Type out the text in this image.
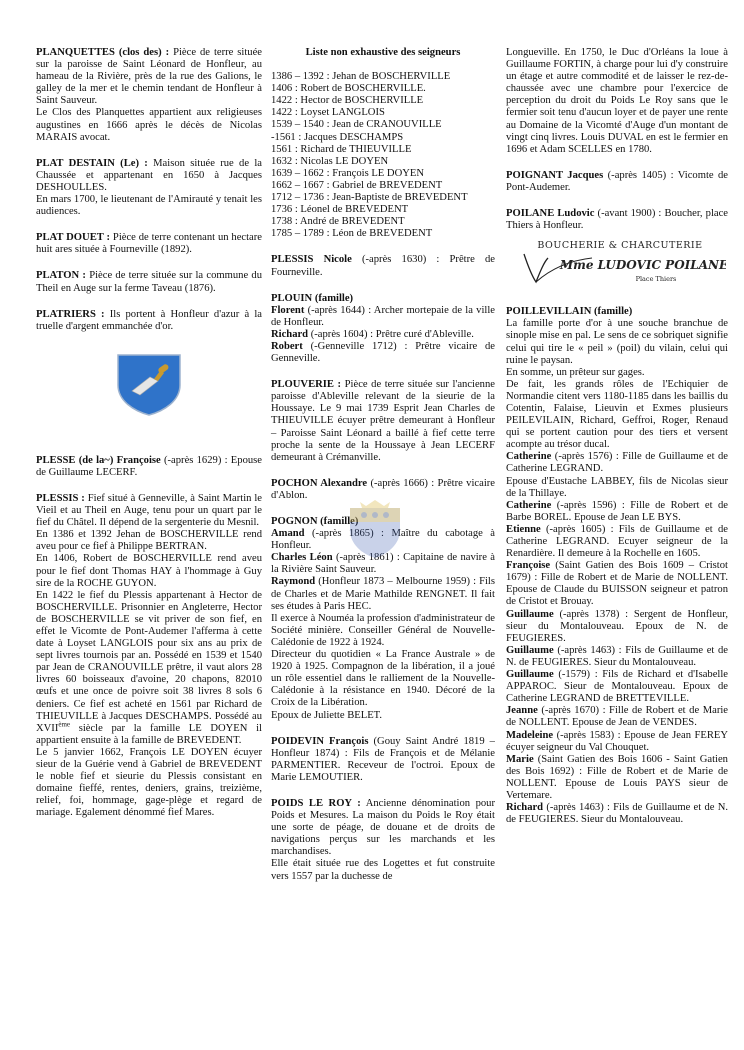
PLANQUETTES (clos des) : Pièce de terre située sur la paroisse de Saint Léonard de Honfleur, au hameau de la Rivière, près de la rue des Galions, le galley de la mer et le chemin tendant de Honfleur à Saint Sauveur.

Le Clos des Planquettes appartient aux religieuses augustines en 1666 après le décès de Nicolas MARAIS avocat.

PLAT DESTAIN (Le) : Maison située rue de la Chaussée et appartenant en 1650 à Jacques DESHOULLES.

En mars 1700, le lieutenant de l'Amirauté y tenait les audiences.

PLAT DOUET : Pièce de terre contenant un hectare huit ares située à Fourneville (1892).

PLATON : Pièce de terre située sur la commune du Theil en Auge sur la ferme Taveau (1876).

PLATRIERS : Ils portent à Honfleur d'azur à la truelle d'argent emmanchée d'or.

PLESSE (de la~) Françoise (-après 1629) : Epouse de Guillaume LECERF.

PLESSIS : Fief situé à Genneville, à Saint Martin le Vieil et au Theil en Auge, tenu pour un quart par le fief du Châtel. Il dépend de la sergenterie du Mesnil.

En 1386 et 1392 Jehan de BOSCHERVILLE rend aveu pour ce fief à Philippe BERTRAN.

En 1406, Robert de BOSCHERVILLE rend aveu pour le fief dont Thomas HAY à l'hommage à Guy sire de la ROCHE GUYON.

En 1422 le fief du Plessis appartenant à Hector de BOSCHERVILLE. Prisonnier en Angleterre, Hector de BOSCHERVILLE se vit priver de son fief, en effet le Vicomte de Pont-Audemer l'afferma à cette date à Loyset LANGLOIS pour six ans au prix de sept livres tournois par an. Possédé en 1539 et 1540 par Jean de CRANOUVILLE prêtre, il vaut alors 28 livres 60 boisseaux d'avoine, 20 chapons, 82010 œufs et une once de poivre soit 38 livres 8 sols 6 deniers. Ce fief est acheté en 1561 par Richard de THIEUVILLE à Jacques DESCHAMPS. Possédé au XVIIème siècle par la famille LE DOYEN il appartient ensuite à la famille de BREVEDENT.

Le 5 janvier 1662, François LE DOYEN écuyer sieur de la Guérie vend à Gabriel de BREVEDENT le noble fief et sieurie du Plessis consistant en domaine fieffé, rentes, deniers, grains, treizième, relief, foi, hommage, gage-plège et regard de mariage. Egalement dénommé fief Mares.

Liste non exhaustive des seigneurs
1386 – 1392 : Jehan de BOSCHERVILLE
1406 : Robert de BOSCHERVILLE.
1422 : Hector de BOSCHERVILLE
1422 : Loyset LANGLOIS
1539 – 1540 : Jean de CRANOUVILLE
-1561 : Jacques DESCHAMPS
1561 : Richard de THIEUVILLE
1632 : Nicolas LE DOYEN
1639 – 1662 : François LE DOYEN
1662 – 1667 : Gabriel de BREVEDENT
1712 – 1736 : Jean-Baptiste de BREVEDENT
1736 : Léonel de BREVEDENT
1738 : André de BREVEDENT
1785 – 1789 : Léon de BREVEDENT

PLESSIS Nicole (-après 1630) : Prêtre de Fourneville.

PLOUIN (famille)

Florent (-après 1644) : Archer mortepaie de la ville de Honfleur.

Richard (-après 1604) : Prêtre curé d'Ableville.

Robert (-Genneville 1712) : Prêtre vicaire de Genneville.

PLOUVERIE : Pièce de terre située sur l'ancienne paroisse d'Ableville relevant de la sieurie de la Houssaye. Le 9 mai 1739 Esprit Jean Charles de THIEUVILLE écuyer prêtre demeurant à Honfleur – Paroisse Saint Léonard a baillé à fief cette terre proche la sente de la Houssaye à Jean LECERF demeurant à Crémanville.

POCHON Alexandre (-après 1666) : Prêtre vicaire d'Ablon.

POGNON (famille)

Amand (-après 1865) : Maître du cabotage à Honfleur.

Charles Léon (-après 1861) : Capitaine de navire à la Rivière Saint Sauveur.

Raymond (Honfleur 1873 – Melbourne 1959) : Fils de Charles et de Marie Mathilde RENGNET. Il fait ses études à Paris HEC.

Il exerce à Nouméa la profession d'administrateur de Société minière. Conseiller Général de Nouvelle-Calédonie de 1922 à 1924.

Directeur du quotidien « La France Australe » de 1920 à 1925. Compagnon de la libération, il a joué un rôle essentiel dans le ralliement de la Nouvelle-Calédonie à la résistance en 1940. Décoré de la Croix de la Libération.

Epoux de Juliette BELET.

POIDEVIN François (Gouy Saint André 1819 – Honfleur 1874) : Fils de François et de Mélanie PARMENTIER. Receveur de l'octroi. Epoux de Marie LEMOUTIER.

POIDS LE ROY : Ancienne dénomination pour Poids et Mesures. La maison du Poids le Roy était une sorte de péage, de douane et de droits de navigations perçus sur les marchands et les marchandises.

Elle était située rue des Logettes et fut construite vers 1557 par la duchesse de

Longueville. En 1750, le Duc d'Orléans la loue à Guillaume FORTIN, à charge pour lui d'y construire un étage et autre commodité et de laisser le rez-de-chaussée avec une chambre pour l'exercice de perception du droit du Poids Le Roy sans que le fermier soit tenu d'aucun loyer et de payer une rente au Domaine de la Vicomté d'Auge d'un montant de vingt cinq livres. Louis DUVAL en est le fermier en 1696 et Adam SCELLES en 1780.

POIGNANT Jacques (-après 1405) : Vicomte de Pont-Audemer.

POILANE Ludovic (-avant 1900) : Boucher, place Thiers à Honfleur.

BOUCHERIE & CHARCUTERIE
Mme LUDOVIC POILANE
Place Thiers

POILLEVILLAIN (famille)

La famille porte d'or à une souche branchue de sinople mise en pal. Le sens de ce sobriquet signifie celui qui tire le « peil » (poil) du vilain, celui qui ruine le paysan.

En somme, un prêteur sur gages.

De fait, les grands rôles de l'Echiquier de Normandie citent vers 1180-1185 dans les baillis du Cotentin, Falaise, Lieuvin et Exmes plusieurs PEILEVILAIN, Richard, Geffroi, Roger, Renaud qui se portent caution pour des tiers et versent acompte au trésor ducal.

Catherine (-après 1576) : Fille de Guillaume et de Catherine LEGRAND.

Epouse d'Eustache LABBEY, fils de Nicolas sieur de la Thillaye.

Catherine (-après 1596) : Fille de Robert et de Barbe BOREL. Epouse de Jean LE BYS.

Etienne (-après 1605) : Fils de Guillaume et de Catherine LEGRAND. Ecuyer seigneur de la Renardière. Il demeure à la Rochelle en 1605.

Françoise (Saint Gatien des Bois 1609 – Cristot 1679) : Fille de Robert et de Marie de NOLLENT. Epouse de Claude du BUISSON seigneur et patron de Cristot et Brouay.

Guillaume (-après 1378) : Sergent de Honfleur, sieur du Montalouveau. Epoux de N. de FEUGIERES.

Guillaume (-après 1463) : Fils de Guillaume et de N. de FEUGIERES. Sieur du Montalouveau.

Guillaume (-1579) : Fils de Richard et d'Isabelle APPAROC. Sieur de Montalouveau. Epoux de Catherine LEGRAND de BRETTEVILLE.

Jeanne (-après 1670) : Fille de Robert et de Marie de NOLLENT. Epouse de Jean de VENDES.

Madeleine (-après 1583) : Epouse de Jean FEREY écuyer seigneur du Val Chouquet.

Marie (Saint Gatien des Bois 1606 - Saint Gatien des Bois 1692) : Fille de Robert et de Marie de NOLLENT. Epouse de Louis PAYS sieur de Vertemare.

Richard (-après 1463) : Fils de Guillaume et de N. de FEUGIERES. Sieur du Montalouveau.
